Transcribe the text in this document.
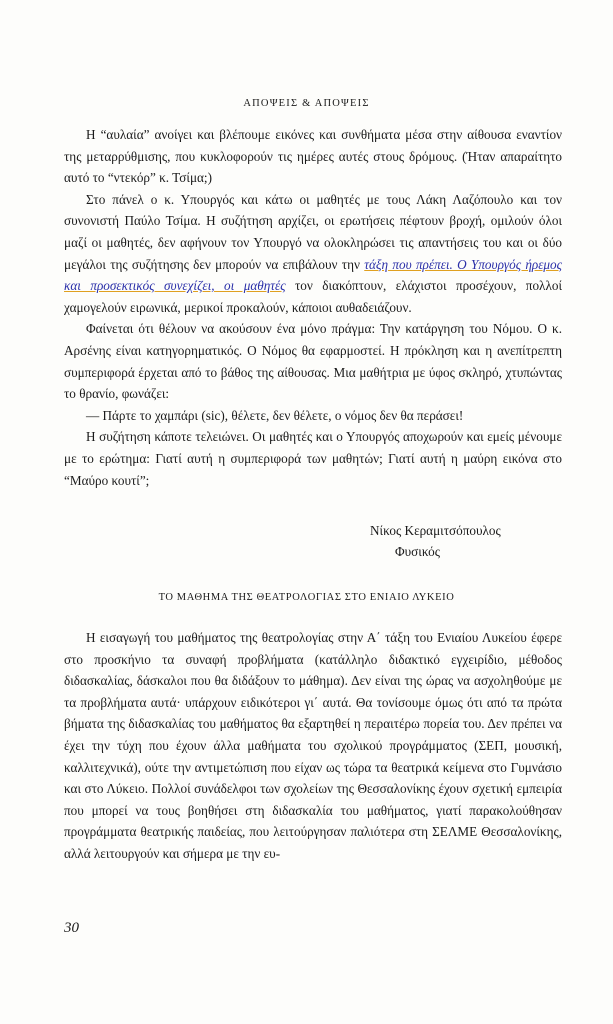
ΑΠΟΨΕΙΣ & ΑΠΟΨΕΙΣ

Η “αυλαία” ανοίγει και βλέπουμε εικόνες και συνθήματα μέσα στην αίθουσα εναντίον της μεταρρύθμισης, που κυκλοφορούν τις ημέρες αυτές στους δρόμους. (Ήταν απαραίτητο αυτό το “ντεκόρ” κ. Τσίμα;)

Στο πάνελ ο κ. Υπουργός και κάτω οι μαθητές με τους Λάκη Λαζόπουλο και τον συνονιστή Παύλο Τσίμα. Η συζήτηση αρχίζει, οι ερωτήσεις πέφτουν βροχή, ομιλούν όλοι μαζί οι μαθητές, δεν αφήνουν τον Υπουργό να ολοκληρώσει τις απαντήσεις του και οι δύο μεγάλοι της συζήτησης δεν μπορούν να επιβάλουν την τάξη που πρέπει. Ο Υπουργός ήρεμος και προσεκτικός συνεχίζει, οι μαθητές τον διακόπτουν, ελάχιστοι προσέχουν, πολλοί χαμογελούν ειρωνικά, μερικοί προκαλούν, κάποιοι αυθαδειάζουν.

Φαίνεται ότι θέλουν να ακούσουν ένα μόνο πράγμα: Την κατάργηση του Νόμου. Ο κ. Αρσένης είναι κατηγορηματικός. Ο Νόμος θα εφαρμοστεί. Η πρόκληση και η ανεπίτρεπτη συμπεριφορά έρχεται από το βάθος της αίθουσας. Μια μαθήτρια με ύφος σκληρό, χτυπώντας το θρανίο, φωνάζει:

— Πάρτε το χαμπάρι (sic), θέλετε, δεν θέλετε, ο νόμος δεν θα περάσει!

Η συζήτηση κάποτε τελειώνει. Οι μαθητές και ο Υπουργός αποχωρούν και εμείς μένουμε με το ερώτημα: Γιατί αυτή η συμπεριφορά των μαθητών; Γιατί αυτή η μαύρη εικόνα στο “Μαύρο κουτί”;

Νίκος Κεραμιτσόπουλος
Φυσικός
ΤΟ ΜΑΘΗΜΑ ΤΗΣ ΘΕΑΤΡΟΛΟΓΙΑΣ ΣΤΟ ΕΝΙΑΙΟ ΛΥΚΕΙΟ

Η εισαγωγή του μαθήματος της θεατρολογίας στην Α΄ τάξη του Ενιαίου Λυκείου έφερε στο προσκήνιο τα συναφή προβλήματα (κατάλληλο διδακτικό εγχειρίδιο, μέθοδος διδασκαλίας, δάσκαλοι που θα διδάξουν το μάθημα). Δεν είναι της ώρας να ασχοληθούμε με τα προβλήματα αυτά· υπάρχουν ειδικότεροι γι΄ αυτά. Θα τονίσουμε όμως ότι από τα πρώτα βήματα της διδασκαλίας του μαθήματος θα εξαρτηθεί η περαιτέρω πορεία του. Δεν πρέπει να έχει την τύχη που έχουν άλλα μαθήματα του σχολικού προγράμματος (ΣΕΠ, μουσική, καλλιτεχνικά), ούτε την αντιμετώπιση που είχαν ως τώρα τα θεατρικά κείμενα στο Γυμνάσιο και στο Λύκειο. Πολλοί συνάδελφοι των σχολείων της Θεσσαλονίκης έχουν σχετική εμπειρία που μπορεί να τους βοηθήσει στη διδασκαλία του μαθήματος, γιατί παρακολούθησαν προγράμματα θεατρικής παιδείας, που λειτούργησαν παλιότερα στη ΣΕΛΜΕ Θεσσαλονίκης, αλλά λειτουργούν και σήμερα με την ευ-

30
